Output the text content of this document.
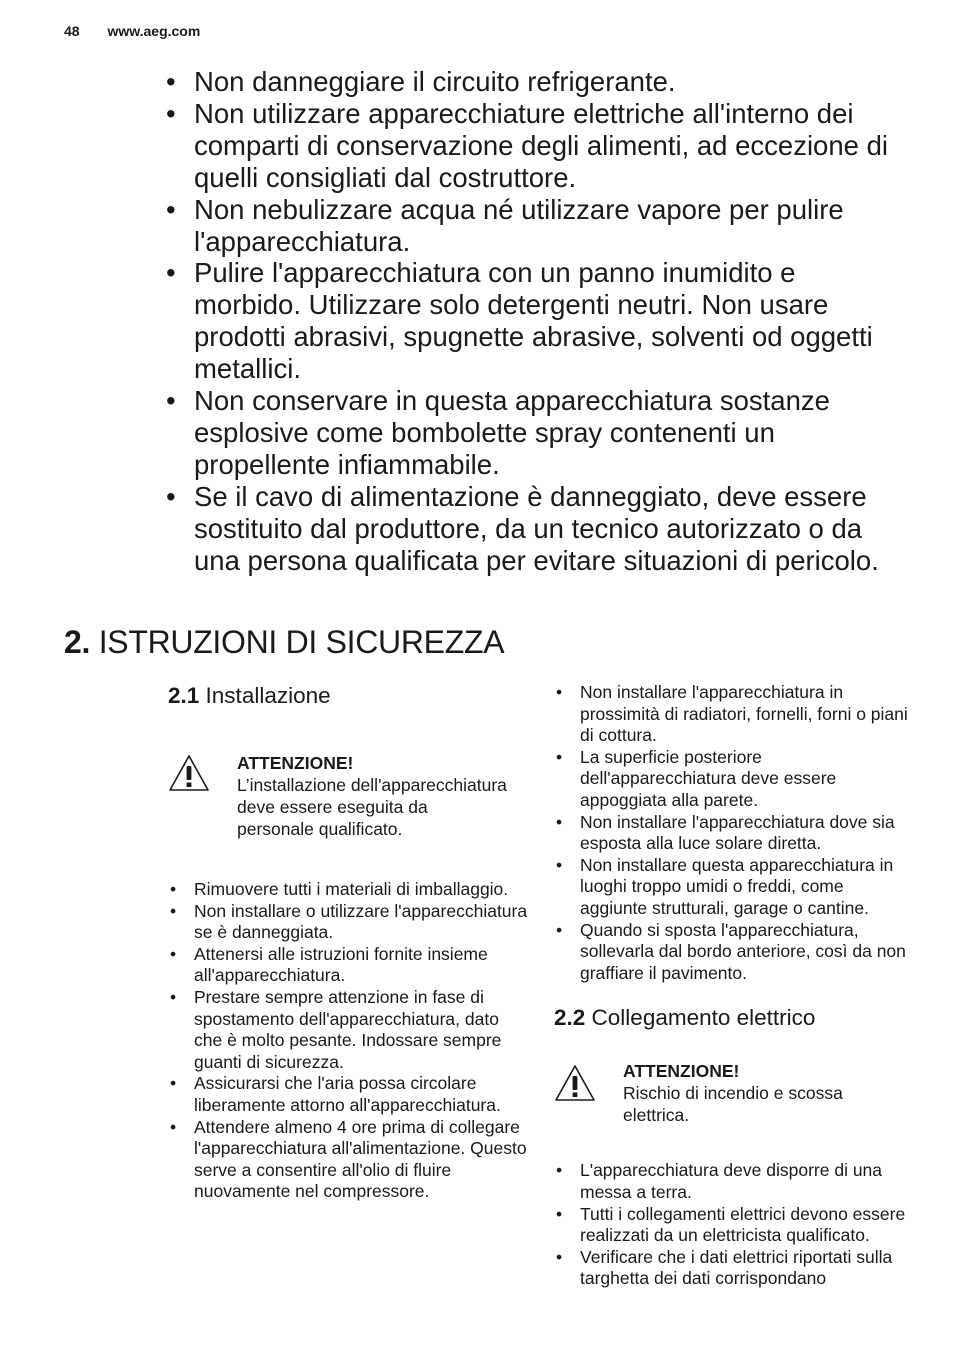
48 www.aeg.com
• Non danneggiare il circuito refrigerante.
• Non utilizzare apparecchiature elettriche all'interno dei comparti di conservazione degli alimenti, ad eccezione di quelli consigliati dal costruttore.
• Non nebulizzare acqua né utilizzare vapore per pulire l'apparecchiatura.
• Pulire l'apparecchiatura con un panno inumidito e morbido. Utilizzare solo detergenti neutri. Non usare prodotti abrasivi, spugnette abrasive, solventi od oggetti metallici.
• Non conservare in questa apparecchiatura sostanze esplosive come bombolette spray contenenti un propellente infiammabile.
• Se il cavo di alimentazione è danneggiato, deve essere sostituito dal produttore, da un tecnico autorizzato o da una persona qualificata per evitare situazioni di pericolo.
2. ISTRUZIONI DI SICUREZZA
2.1 Installazione
ATTENZIONE!
L’installazione dell'apparecchiatura deve essere eseguita da personale qualificato.
• Rimuovere tutti i materiali di imballaggio.
• Non installare o utilizzare l'apparecchiatura se è danneggiata.
• Attenersi alle istruzioni fornite insieme all'apparecchiatura.
• Prestare sempre attenzione in fase di spostamento dell'apparecchiatura, dato che è molto pesante. Indossare sempre guanti di sicurezza.
• Assicurarsi che l'aria possa circolare liberamente attorno all'apparecchiatura.
• Attendere almeno 4 ore prima di collegare l'apparecchiatura all'alimentazione. Questo serve a consentire all'olio di fluire nuovamente nel compressore.
• Non installare l'apparecchiatura in prossimità di radiatori, fornelli, forni o piani di cottura.
• La superficie posteriore dell'apparecchiatura deve essere appoggiata alla parete.
• Non installare l'apparecchiatura dove sia esposta alla luce solare diretta.
• Non installare questa apparecchiatura in luoghi troppo umidi o freddi, come aggiunte strutturali, garage o cantine.
• Quando si sposta l'apparecchiatura, sollevarla dal bordo anteriore, così da non graffiare il pavimento.
2.2 Collegamento elettrico
ATTENZIONE!
Rischio di incendio e scossa elettrica.
• L'apparecchiatura deve disporre di una messa a terra.
• Tutti i collegamenti elettrici devono essere realizzati da un elettricista qualificato.
• Verificare che i dati elettrici riportati sulla targhetta dei dati corrispondano
